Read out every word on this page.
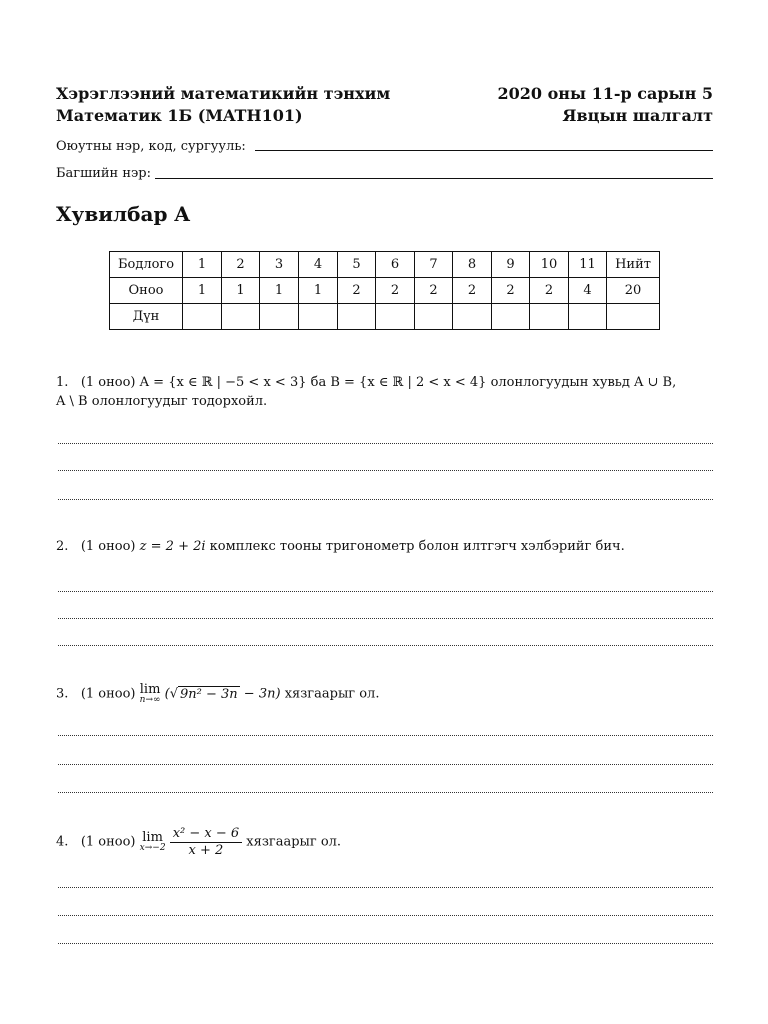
Хэрэглээний математикийн тэнхим
Математик 1Б (MATH101)
2020 оны 11-р сарын 5
Явцын шалгалт
Оюутны нэр, код, сургууль:
Багшийн нэр:
Хувилбар A
Бодлого	1	2	3	4	5	6	7	8	9	10	11	Нийт
Оноо	1	1	1	1	2	2	2	2	2	2	4	20
Дүн												
1. (1 оноо) A = {x ∈ ℝ | −5 < x < 3} ба B = {x ∈ ℝ | 2 < x < 4} олонлогуудын хувьд A ∪ B,
A \ B олонлогуудыг тодорхойл.
2. (1 оноо) z = 2 + 2i комплекс тооны тригонометр болон илтгэгч хэлбэрийг бич.
3. (1 оноо) lim
n→∞ (√ 9n² − 3n − 3n) хязгаарыг ол.
4. (1 оноо) lim
x→−2
$\frac{\text{x² − x − 6}}{x + 2}$ хязгаарыг ол.
